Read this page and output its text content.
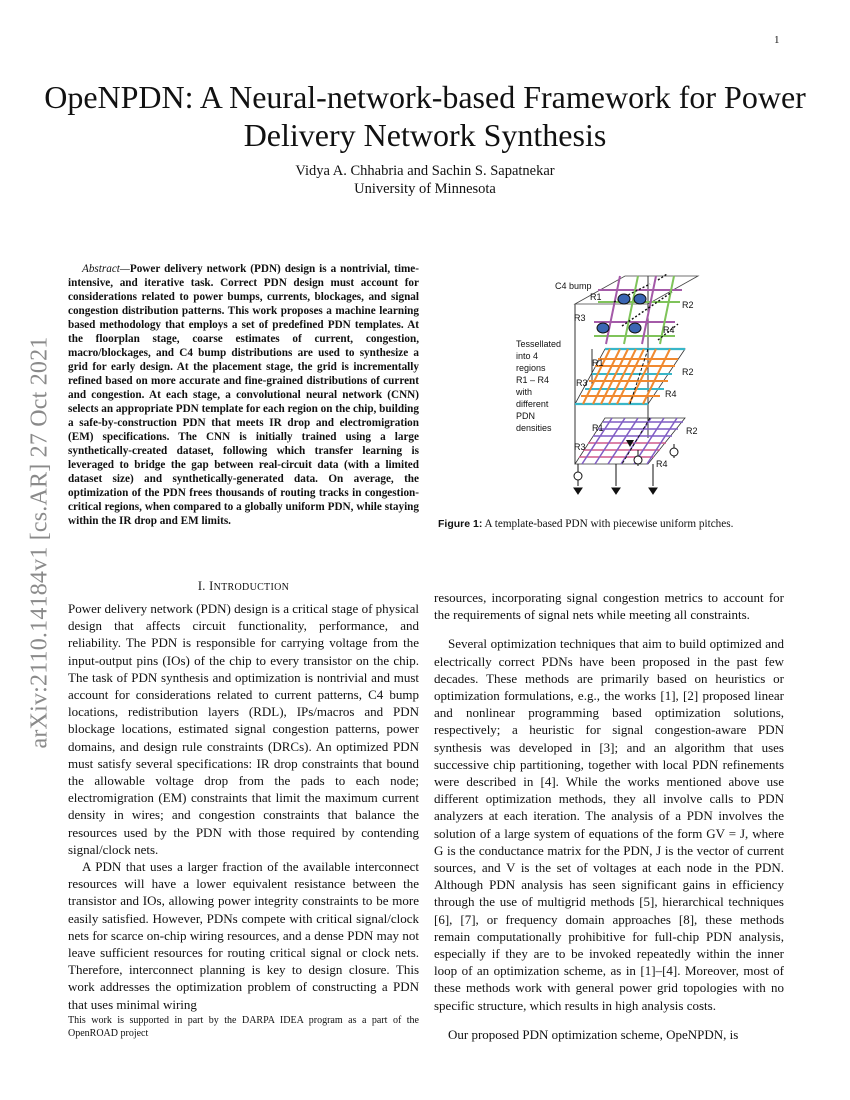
1
arXiv:2110.14184v1 [cs.AR] 27 Oct 2021
OpeNPDN: A Neural-network-based Framework for Power Delivery Network Synthesis
Vidya A. Chhabria and Sachin S. Sapatnekar
University of Minnesota

Abstract—Power delivery network (PDN) design is a nontrivial, time-intensive, and iterative task. Correct PDN design must account for considerations related to power bumps, currents, blockages, and signal congestion distribution patterns. This work proposes a machine learning based methodology that employs a set of predefined PDN templates. At the floorplan stage, coarse estimates of current, congestion, macro/blockages, and C4 bump distributions are used to synthesize a grid for early design. At the placement stage, the grid is incrementally refined based on more accurate and fine-grained distributions of current and congestion. At each stage, a convolutional neural network (CNN) selects an appropriate PDN template for each region on the chip, building a safe-by-construction PDN that meets IR drop and electromigration (EM) specifications. The CNN is initially trained using a large synthetically-created dataset, following which transfer learning is leveraged to bridge the gap between real-circuit data (with a limited dataset size) and synthetically-generated data. On average, the optimization of the PDN frees thousands of routing tracks in congestion-critical regions, when compared to a globally uniform PDN, while staying within the IR drop and EM limits.

C4 bump
R1
R2
R3
R4
R1
R2
R3
R4
R1	R2
R3
R4
Tessellated
into 4
regions
R1 – R4
with
different
PDN
densities
Figure 1: A template-based PDN with piecewise uniform pitches.
I. INTRODUCTION

Power delivery network (PDN) design is a critical stage of physical design that affects circuit functionality, performance, and reliability. The PDN is responsible for carrying voltage from the input-output pins (IOs) of the chip to every transistor on the chip. The task of PDN synthesis and optimization is nontrivial and must account for considerations related to current patterns, C4 bump locations, redistribution layers (RDL), IPs/macros and PDN blockage locations, estimated signal congestion patterns, power domains, and design rule constraints (DRCs). An optimized PDN must satisfy several specifications: IR drop constraints that bound the allowable voltage drop from the pads to each node; electromigration (EM) constraints that limit the maximum current density in wires; and congestion constraints that balance the resources used by the PDN with those required by contending signal/clock nets.

A PDN that uses a larger fraction of the available interconnect resources will have a lower equivalent resistance between the transistor and IOs, allowing power integrity constraints to be more easily satisfied. However, PDNs compete with critical signal/clock nets for scarce on-chip wiring resources, and a dense PDN may not leave sufficient resources for routing critical signal or clock nets. Therefore, interconnect planning is key to design closure. This work addresses the optimization problem of constructing a PDN that uses minimal wiring

resources, incorporating signal congestion metrics to account for the requirements of signal nets while meeting all constraints.

Several optimization techniques that aim to build optimized and electrically correct PDNs have been proposed in the past few decades. These methods are primarily based on heuristics or optimization formulations, e.g., the works [1], [2] proposed linear and nonlinear programming based optimization solutions, respectively; a heuristic for signal congestion-aware PDN synthesis was developed in [3]; and an algorithm that uses successive chip partitioning, together with local PDN refinements were described in [4]. While the works mentioned above use different optimization methods, they all involve calls to PDN analyzers at each iteration. The analysis of a PDN involves the solution of a large system of equations of the form GV = J, where G is the conductance matrix for the PDN, J is the vector of current sources, and V is the set of voltages at each node in the PDN. Although PDN analysis has seen significant gains in efficiency through the use of multigrid methods [5], hierarchical techniques [6], [7], or frequency domain approaches [8], these methods remain computationally prohibitive for full-chip PDN analysis, especially if they are to be invoked repeatedly within the inner loop of an optimization scheme, as in [1]–[4]. Moreover, most of these methods work with general power grid topologies with no specific structure, which results in high analysis costs.

Our proposed PDN optimization scheme, OpeNPDN, is

This work is supported in part by the DARPA IDEA program as a part of the OpenROAD project
